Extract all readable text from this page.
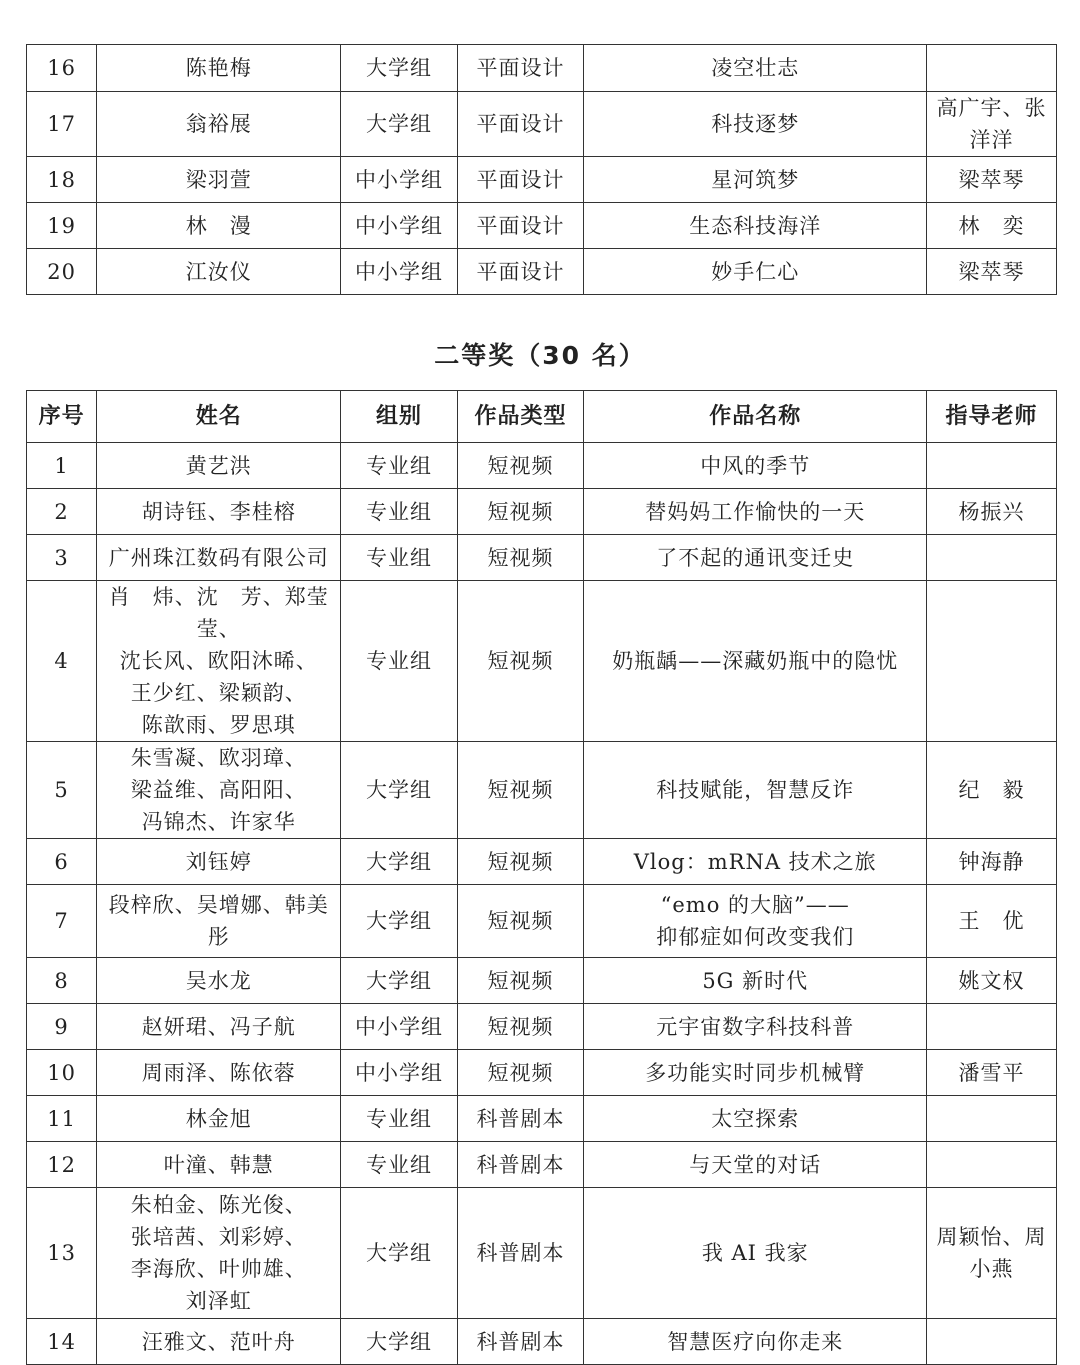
16	陈艳梅	大学组	平面设计	凌空壮志	
17	翁裕展	大学组	平面设计	科技逐梦	高广宇、张
洋洋
18	梁羽萱	中小学组	平面设计	星河筑梦	梁萃琴
19	林　漫	中小学组	平面设计	生态科技海洋	林　奕
20	江汝仪	中小学组	平面设计	妙手仁心	梁萃琴
二等奖（30 名）
序号	姓名	组别	作品类型	作品名称	指导老师
1	黄艺洪	专业组	短视频	中风的季节	
2	胡诗钰、李桂榕	专业组	短视频	替妈妈工作愉快的一天	杨振兴
3	广州珠江数码有限公司	专业组	短视频	了不起的通讯变迁史	
4	肖　炜、沈　芳、郑莹莹、
沈长风、欧阳沐晞、
王少红、梁颖韵、
陈歆雨、罗思琪	专业组	短视频	奶瓶龋——深藏奶瓶中的隐忧	
5	朱雪凝、欧羽璋、
梁益维、高阳阳、
冯锦杰、许家华	大学组	短视频	科技赋能，智慧反诈	纪　毅
6	刘钰婷	大学组	短视频	Vlog：mRNA 技术之旅	钟海静
7	段梓欣、吴增娜、韩美彤	大学组	短视频	“emo 的大脑”——
抑郁症如何改变我们	王　优
8	吴水龙	大学组	短视频	5G 新时代	姚文权
9	赵妍珺、冯子航	中小学组	短视频	元宇宙数字科技科普	
10	周雨泽、陈依蓉	中小学组	短视频	多功能实时同步机械臂	潘雪平
11	林金旭	专业组	科普剧本	太空探索	
12	叶潼、韩慧	专业组	科普剧本	与天堂的对话	
13	朱柏金、陈光俊、
张培茜、刘彩婷、
李海欣、叶帅雄、
刘泽虹	大学组	科普剧本	我 AI 我家	周颖怡、周
小燕
14	汪雅文、范叶舟	大学组	科普剧本	智慧医疗向你走来	
